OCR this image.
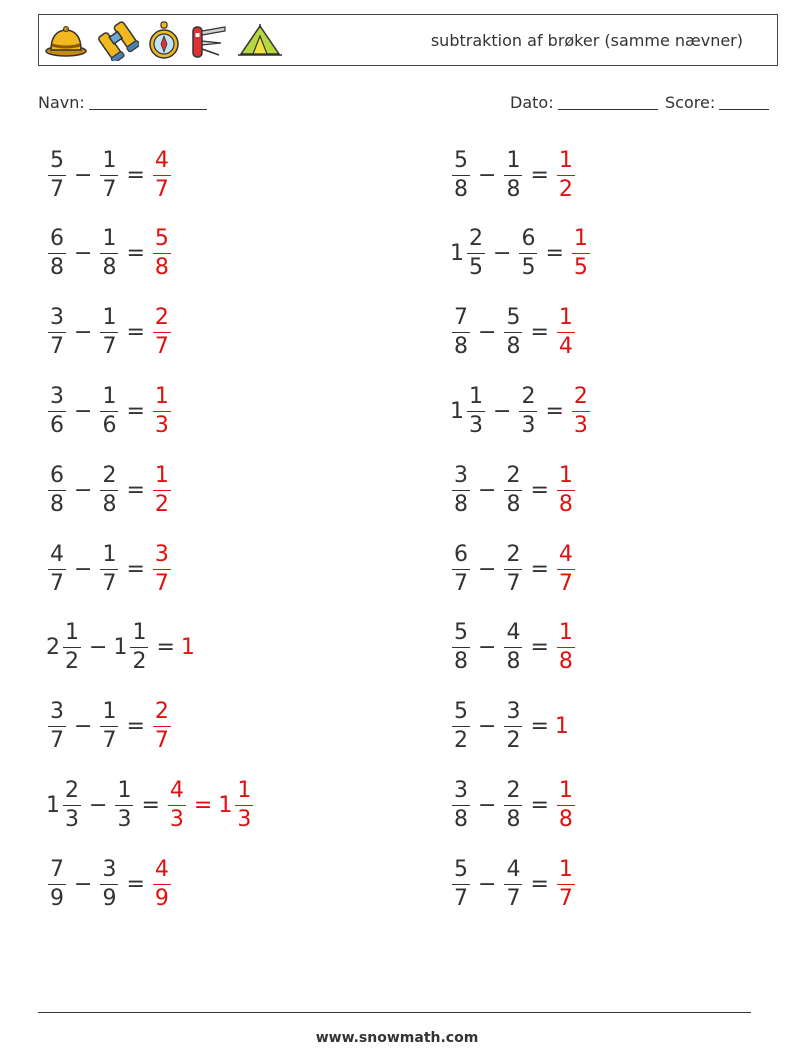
subtraktion af brøker (samme nævner)
Navn:	Dato:	Score:
$\frac{5}{7} - \frac{1}{7} = \frac{4}{7}$
$\frac{6}{8} - \frac{1}{8} = \frac{5}{8}$
$\frac{3}{7} - \frac{1}{7} = \frac{2}{7}$
$\frac{3}{6} - \frac{1}{6} = \frac{1}{3}$
$\frac{6}{8} - \frac{2}{8} = \frac{1}{2}$
$\frac{4}{7} - \frac{1}{7} = \frac{3}{7}$
$2 \frac{1}{2} - 1 \frac{1}{2} = 1$
$\frac{3}{7} - \frac{1}{7} = \frac{2}{7}$
$1 \frac{2}{3} - \frac{1}{3} = \frac{4}{3} = 1 \frac{1}{3}$
$\frac{7}{9} - \frac{3}{9} = \frac{4}{9}$
$\frac{5}{8} - \frac{1}{8} = \frac{1}{2}$
$1 \frac{2}{5} - \frac{6}{5} = \frac{1}{5}$
$\frac{7}{8} - \frac{5}{8} = \frac{1}{4}$
$1 \frac{1}{3} - \frac{2}{3} = \frac{2}{3}$
$\frac{3}{8} - \frac{2}{8} = \frac{1}{8}$
$\frac{6}{7} - \frac{2}{7} = \frac{4}{7}$
$\frac{5}{8} - \frac{4}{8} = \frac{1}{8}$
$\frac{5}{2} - \frac{3}{2} = 1$
$\frac{3}{8} - \frac{2}{8} = \frac{1}{8}$
$\frac{5}{7} - \frac{4}{7} = \frac{1}{7}$
www.snowmath.com
